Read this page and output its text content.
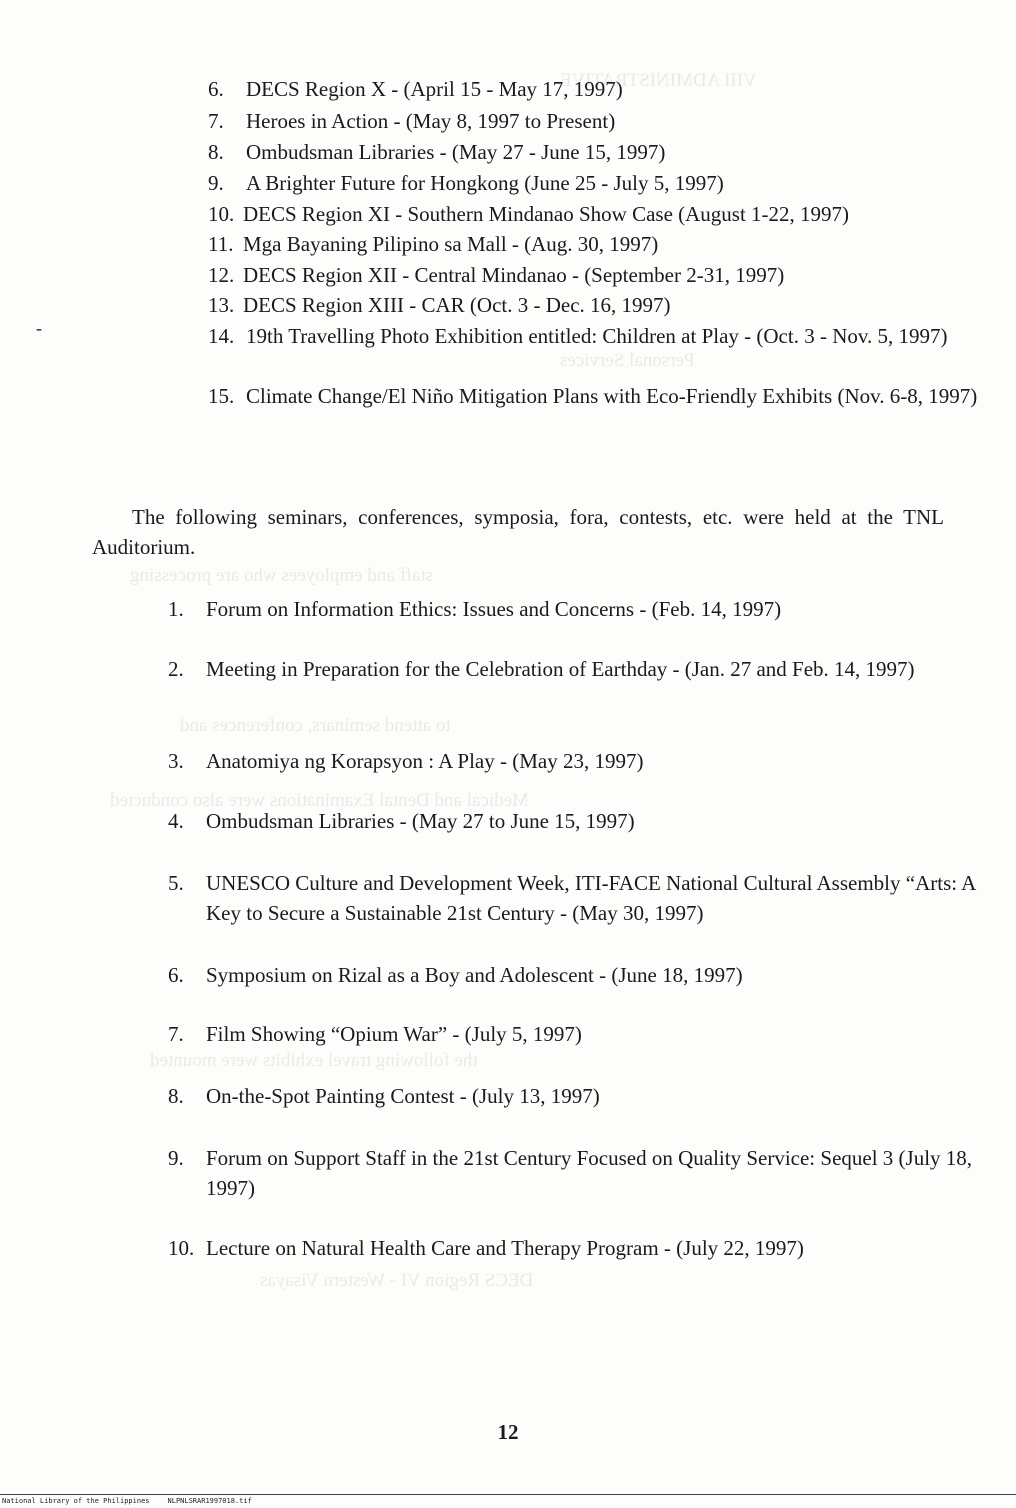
VIII ADMINISTRATIVE
Personal Services
staff and employees who are processing
to attend seminars, conferences and
Medical and Dental Examinations were also conducted
the following travel exhibits were mounted
DECS Region VI - Western Visayas
-
6. DECS Region X - (April 15 - May 17, 1997)
7. Heroes in Action - (May 8, 1997 to Present)
8. Ombudsman Libraries - (May 27 - June 15, 1997)
9. A Brighter Future for Hongkong (June 25 - July 5, 1997)
10. DECS Region XI - Southern Mindanao Show Case (August 1-22, 1997)
11. Mga Bayaning Pilipino sa Mall - (Aug. 30, 1997)
12. DECS Region XII - Central Mindanao - (September 2-31, 1997)
13. DECS Region XIII - CAR (Oct. 3 - Dec. 16, 1997)
14. 19th Travelling Photo Exhibition entitled: Children at Play - (Oct. 3 - Nov. 5, 1997)
15. Climate Change/El Niño Mitigation Plans with Eco-Friendly Exhibits (Nov. 6-8, 1997)
The following seminars, conferences, symposia, fora, contests, etc. were held at the TNL Auditorium.
1. Forum on Information Ethics: Issues and Concerns - (Feb. 14, 1997)
2. Meeting in Preparation for the Celebration of Earthday - (Jan. 27 and Feb. 14, 1997)
3. Anatomiya ng Korapsyon : A Play - (May 23, 1997)
4. Ombudsman Libraries - (May 27 to June 15, 1997)
5. UNESCO Culture and Development Week, ITI-FACE National Cultural Assembly “Arts: A Key to Secure a Sustainable 21st Century - (May 30, 1997)
6. Symposium on Rizal as a Boy and Adolescent - (June 18, 1997)
7. Film Showing “Opium War” - (July 5, 1997)
8. On-the-Spot Painting Contest - (July 13, 1997)
9. Forum on Support Staff in the 21st Century Focused on Quality Service: Sequel 3 (July 18, 1997)
10. Lecture on Natural Health Care and Therapy Program - (July 22, 1997)
12
National Library of the Philippines	NLPNLSRAR1997018.tif
